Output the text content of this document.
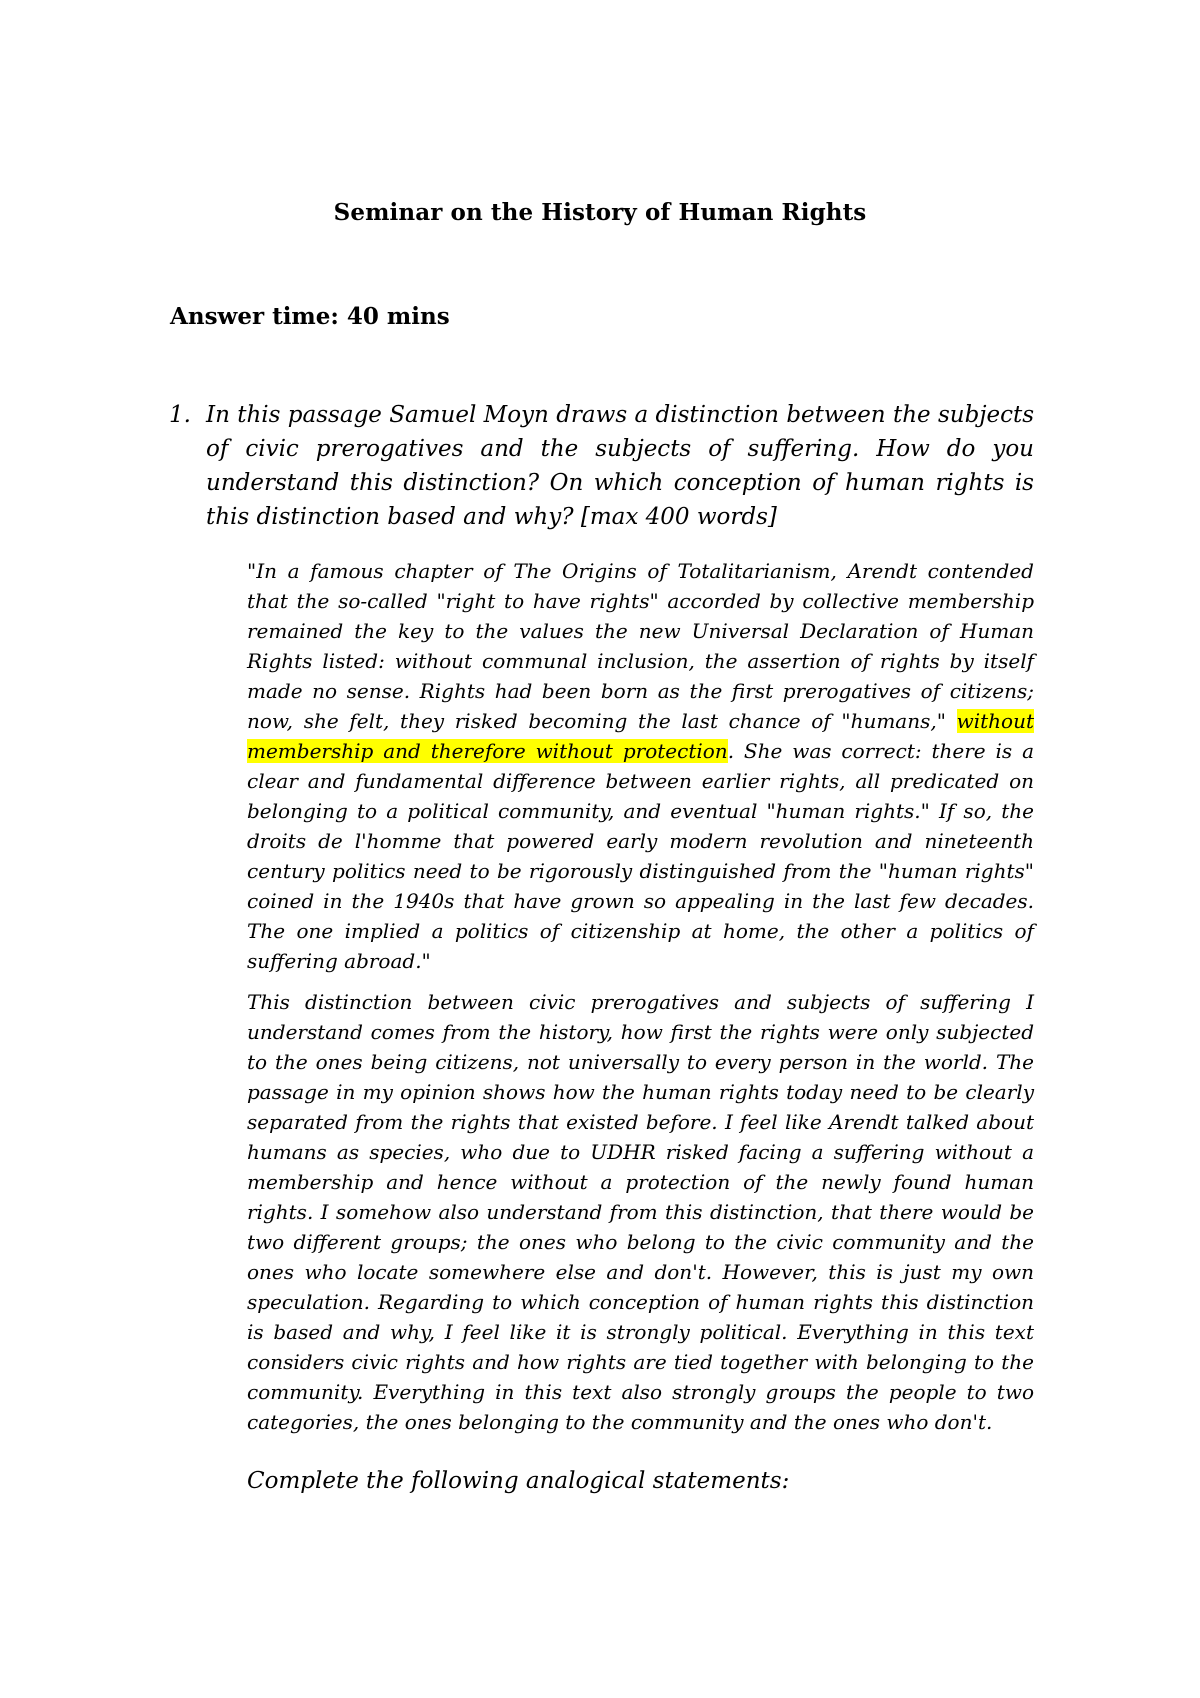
Seminar on the History of Human Rights
Answer time: 40 mins
1. In this passage Samuel Moyn draws a distinction between the subjects of civic prerogatives and the subjects of suffering. How do you understand this distinction? On which conception of human rights is this distinction based and why? [max 400 words]
"In a famous chapter of The Origins of Totalitarianism, Arendt contended that the so-called "right to have rights" accorded by collective membership remained the key to the values the new Universal Declaration of Human Rights listed: without communal inclusion, the assertion of rights by itself made no sense. Rights had been born as the first prerogatives of citizens; now, she felt, they risked becoming the last chance of "humans," without membership and therefore without protection. She was correct: there is a clear and fundamental difference between earlier rights, all predicated on belonging to a political community, and eventual "human rights." If so, the droits de l'homme that powered early modern revolution and nineteenth century politics need to be rigorously distinguished from the "human rights" coined in the 1940s that have grown so appealing in the last few decades. The one implied a politics of citizenship at home, the other a politics of suffering abroad."
This distinction between civic prerogatives and subjects of suffering I understand comes from the history, how first the rights were only subjected to the ones being citizens, not universally to every person in the world. The passage in my opinion shows how the human rights today need to be clearly separated from the rights that existed before. I feel like Arendt talked about humans as species, who due to UDHR risked facing a suffering without a membership and hence without a protection of the newly found human rights. I somehow also understand from this distinction, that there would be two different groups; the ones who belong to the civic community and the ones who locate somewhere else and don't. However, this is just my own speculation. Regarding to which conception of human rights this distinction is based and why, I feel like it is strongly political. Everything in this text considers civic rights and how rights are tied together with belonging to the community. Everything in this text also strongly groups the people to two categories, the ones belonging to the community and the ones who don't.
Complete the following analogical statements:
